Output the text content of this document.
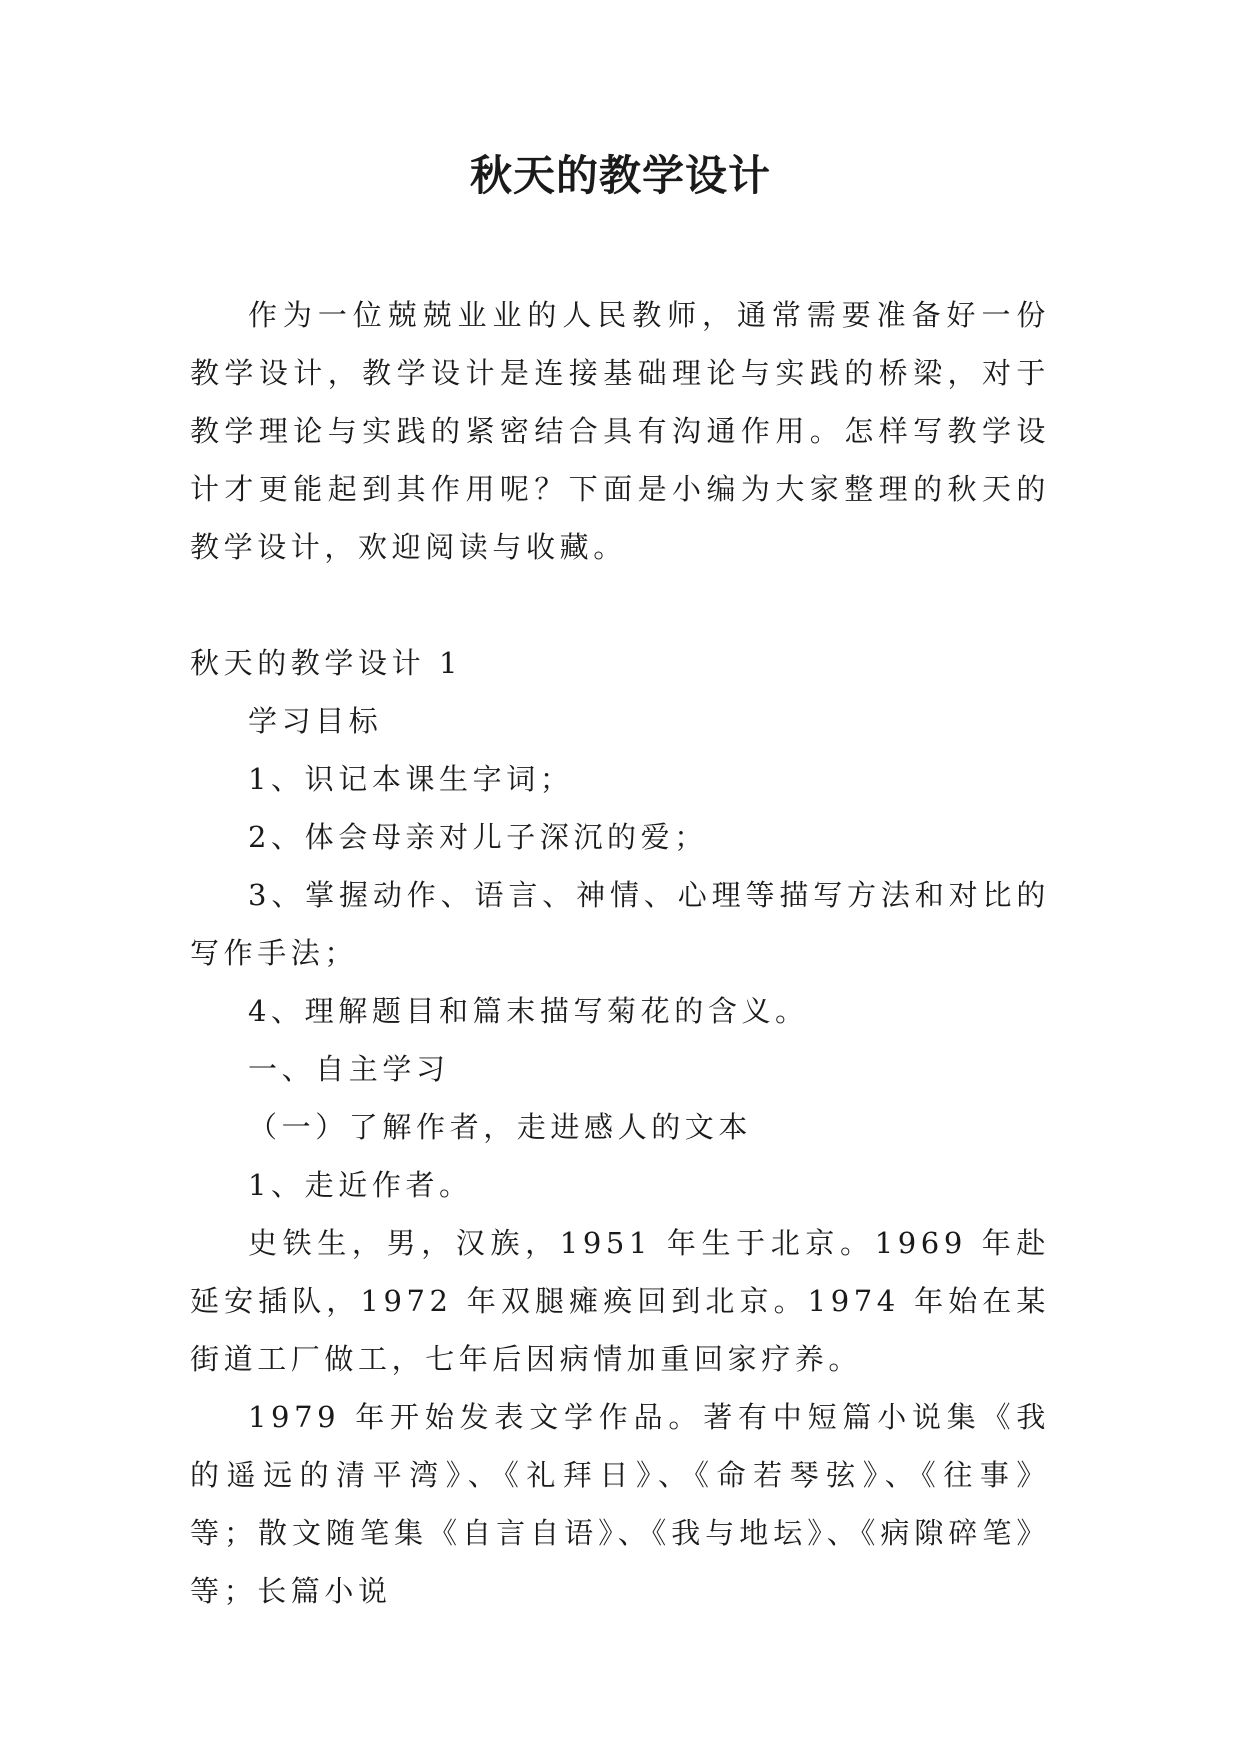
秋天的教学设计

作为一位兢兢业业的人民教师，通常需要准备好一份教学设计，教学设计是连接基础理论与实践的桥梁，对于教学理论与实践的紧密结合具有沟通作用。怎样写教学设计才更能起到其作用呢？下面是小编为大家整理的秋天的教学设计，欢迎阅读与收藏。

秋天的教学设计 1

学习目标

1、识记本课生字词；

2、体会母亲对儿子深沉的爱；

3、掌握动作、语言、神情、心理等描写方法和对比的写作手法；

4、理解题目和篇末描写菊花的含义。

一、自主学习

（一）了解作者，走进感人的文本

1、走近作者。

史铁生，男，汉族，1951 年生于北京。1969 年赴延安插队，1972 年双腿瘫痪回到北京。1974 年始在某街道工厂做工，七年后因病情加重回家疗养。

1979 年开始发表文学作品。著有中短篇小说集《我的遥远的清平湾》、《礼拜日》、《命若琴弦》、《往事》 等；散文随笔集《自言自语》、《我与地坛》、《病隙碎笔》 等；长篇小说
